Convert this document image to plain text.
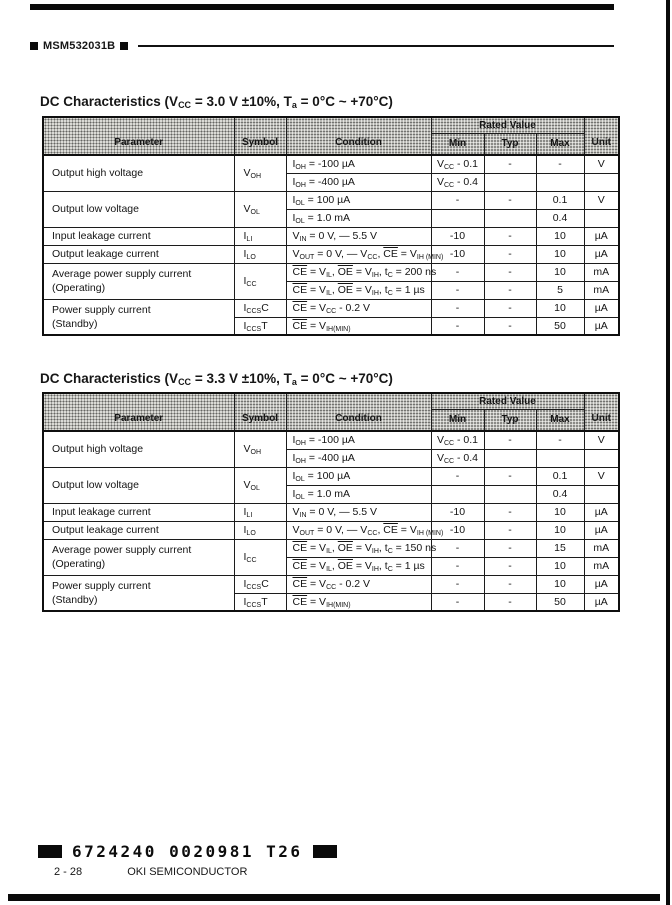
MSM532031B
DC Characteristics ($V_{CC} = 3.0$ V ±10%, $T_a = 0^\circ C$ ~ +70°C)
Parameter	Symbol	Condition	Rated Value			Unit
			Min	Typ	Max	
Output high voltage	$V_{OH}$	$I_{OH} = -100$ µA	$V_{CC} - 0.1$	-	-	V
		$I_{OH} = -400$ µA	$V_{CC} - 0.4$			
Output low voltage	$V_{OL}$	$I_{OL} = 100$ µA	-	-	0.1	V
		$I_{OL} = 1.0$ mA			0.4	
Input leakage current	$I_{LI}$	$V_{IN} = 0$ V, — 5.5 V	-10	-	10	µA
Output leakage current	$I_{LO}$	$V_{OUT} = 0$ V, — $V_{CC}$, $\overline{CE} = V_{IH (MIN)}$	-10	-	10	µA
Average power supply current
(Operating)	$I_{CC}$	$\overline{CE} = V_{IL}$, $\overline{OE} = V_{IH}$, $t_C = 200$ ns	-	-	10	mA
		$\overline{CE} = V_{IL}$, $\overline{OE} = V_{IH}$, $t_C = 1$ µs	-	-	5	mA
Power supply current
(Standby)	$I_{CCS}C$	$\overline{CE} = V_{CC} - 0.2$ V	-	-	10	µA
	$I_{CCS}T$	$\overline{CE} = V_{IH(MIN)}$	-	-	50	µA
DC Characteristics ($V_{CC} = 3.3$ V ±10%, $T_a = 0^\circ C$ ~ +70°C)
Parameter	Symbol	Condition	Rated Value			Unit
			Min	Typ	Max	
Output high voltage	$V_{OH}$	$I_{OH} = -100$ µA	$V_{CC} - 0.1$	-	-	V
		$I_{OH} = -400$ µA	$V_{CC} - 0.4$			
Output low voltage	$V_{OL}$	$I_{OL} = 100$ µA	-	-	0.1	V
		$I_{OL} = 1.0$ mA			0.4	
Input leakage current	$I_{LI}$	$V_{IN} = 0$ V, — 5.5 V	-10	-	10	µA
Output leakage current	$I_{LO}$	$V_{OUT} = 0$ V, — $V_{CC}$, $\overline{CE} = V_{IH (MIN)}$	-10	-	10	µA
Average power supply current
(Operating)	$I_{CC}$	$\overline{CE} = V_{IL}$, $\overline{OE} = V_{IH}$, $t_C = 150$ ns	-	-	15	mA
		$\overline{CE} = V_{IL}$, $\overline{OE} = V_{IH}$, $t_C = 1$ µs	-	-	10	mA
Power supply current
(Standby)	$I_{CCS}C$	$\overline{CE} = V_{CC} - 0.2$ V	-	-	10	µA
	$I_{CCS}T$	$\overline{CE} = V_{IH(MIN)}$	-	-	50	µA
6724240 0020981 T26
2 - 28	OKI SEMICONDUCTOR
